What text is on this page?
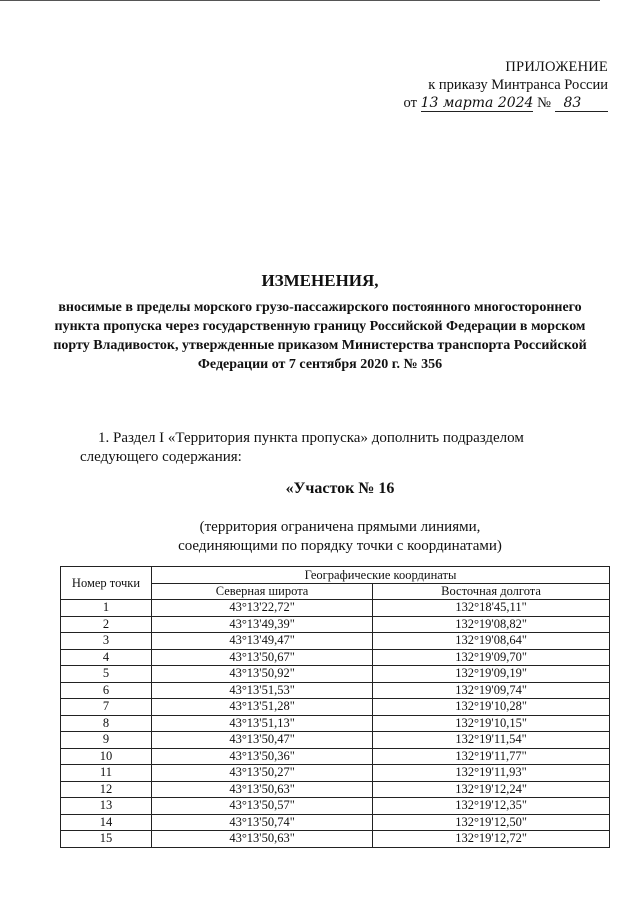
ПРИЛОЖЕНИЕ
к приказу Минтранса России
от 13 марта 2024 № 83
ИЗМЕНЕНИЯ,
вносимые в пределы морского грузо-пассажирского постоянного многостороннего пункта пропуска через государственную границу Российской Федерации в морском порту Владивосток, утвержденные приказом Министерства транспорта Российской Федерации от 7 сентября 2020 г. № 356
1. Раздел I «Территория пункта пропуска» дополнить подразделом
следующего содержания:
«Участок № 16
(территория ограничена прямыми линиями,
соединяющими по порядку точки с координатами)
Номер точки	Географические координаты	
	Северная широта	Восточная долгота
1	43°13'22,72"	132°18'45,11"
2	43°13'49,39"	132°19'08,82"
3	43°13'49,47"	132°19'08,64"
4	43°13'50,67"	132°19'09,70"
5	43°13'50,92"	132°19'09,19"
6	43°13'51,53"	132°19'09,74"
7	43°13'51,28"	132°19'10,28"
8	43°13'51,13"	132°19'10,15"
9	43°13'50,47"	132°19'11,54"
10	43°13'50,36"	132°19'11,77"
11	43°13'50,27"	132°19'11,93"
12	43°13'50,63"	132°19'12,24"
13	43°13'50,57"	132°19'12,35"
14	43°13'50,74"	132°19'12,50"
15	43°13'50,63"	132°19'12,72"
